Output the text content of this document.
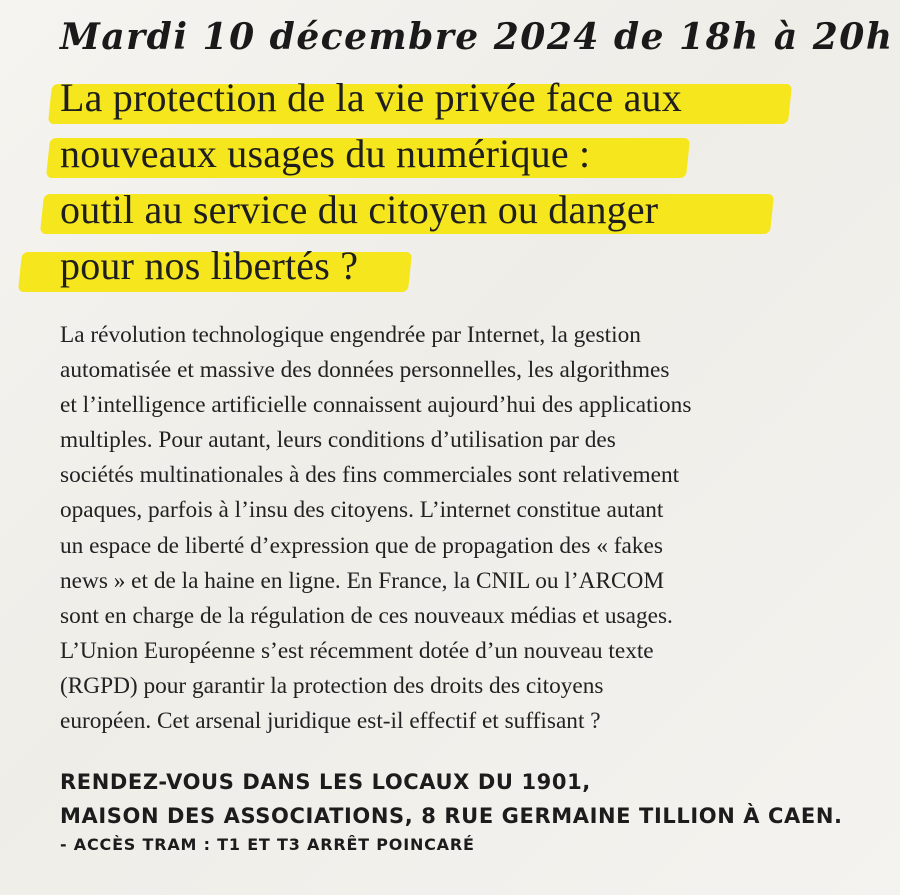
Mardi 10 décembre 2024 de 18h à 20h
La protection de la vie privée face aux
nouveaux usages du numérique :
outil au service du citoyen ou danger
pour nos libertés ?
La révolution technologique engendrée par Internet, la gestion
automatisée et massive des données personnelles, les algorithmes
et l’intelligence artificielle connaissent aujourd’hui des applications
multiples. Pour autant, leurs conditions d’utilisation par des
sociétés multinationales à des fins commerciales sont relativement
opaques, parfois à l’insu des citoyens. L’internet constitue autant
un espace de liberté d’expression que de propagation des « fakes
news » et de la haine en ligne. En France, la CNIL ou l’ARCOM
sont en charge de la régulation de ces nouveaux médias et usages.
L’Union Européenne s’est récemment dotée d’un nouveau texte
(RGPD) pour garantir la protection des droits des citoyens
européen. Cet arsenal juridique est-il effectif et suffisant ?
RENDEZ-VOUS DANS LES LOCAUX DU 1901,
MAISON DES ASSOCIATIONS, 8 RUE GERMAINE TILLION À CAEN.
- ACCÈS TRAM : T1 ET T3 ARRÊT POINCARÉ
